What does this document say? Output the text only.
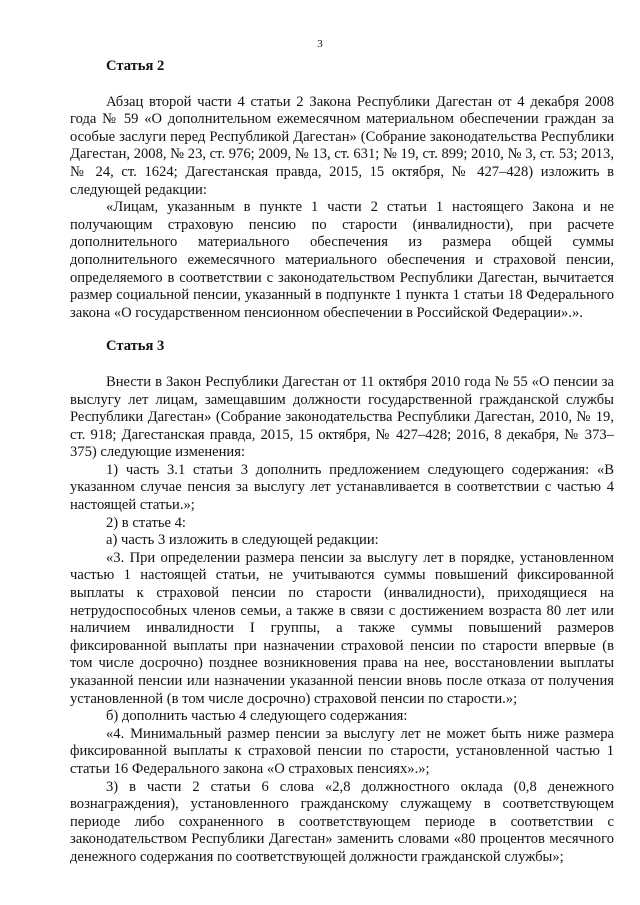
3
Статья 2

Абзац второй части 4 статьи 2 Закона Республики Дагестан от 4 декабря 2008 года № 59 «О дополнительном ежемесячном материальном обеспечении граждан за особые заслуги перед Республикой Дагестан» (Собрание законодательства Республики Дагестан, 2008, № 23, ст. 976; 2009, № 13, ст. 631; № 19, ст. 899; 2010, № 3, ст. 53; 2013, № 24, ст. 1624; Дагестанская правда, 2015, 15 октября, № 427–428) изложить в следующей редакции:

«Лицам, указанным в пункте 1 части 2 статьи 1 настоящего Закона и не получающим страховую пенсию по старости (инвалидности), при расчете дополнительного материального обеспечения из размера общей суммы дополнительного ежемесячного материального обеспечения и страховой пенсии, определяемого в соответствии с законодательством Республики Дагестан, вычитается размер социальной пенсии, указанный в подпункте 1 пункта 1 статьи 18 Федерального закона «О государственном пенсионном обеспечении в Российской Федерации».».

Статья 3

Внести в Закон Республики Дагестан от 11 октября 2010 года № 55 «О пенсии за выслугу лет лицам, замещавшим должности государственной гражданской службы Республики Дагестан» (Собрание законодательства Республики Дагестан, 2010, № 19, ст. 918; Дагестанская правда, 2015, 15 октября, № 427–428; 2016, 8 декабря, № 373–375) следующие изменения:

1) часть 3.1 статьи 3 дополнить предложением следующего содержания: «В указанном случае пенсия за выслугу лет устанавливается в соответствии с частью 4 настоящей статьи.»;

2) в статье 4:

а) часть 3 изложить в следующей редакции:

«3. При определении размера пенсии за выслугу лет в порядке, установленном частью 1 настоящей статьи, не учитываются суммы повышений фиксированной выплаты к страховой пенсии по старости (инвалидности), приходящиеся на нетрудоспособных членов семьи, а также в связи с достижением возраста 80 лет или наличием инвалидности I группы, а также суммы повышений размеров фиксированной выплаты при назначении страховой пенсии по старости впервые (в том числе досрочно) позднее возникновения права на нее, восстановлении выплаты указанной пенсии или назначении указанной пенсии вновь после отказа от получения установленной (в том числе досрочно) страховой пенсии по старости.»;

б) дополнить частью 4 следующего содержания:

«4. Минимальный размер пенсии за выслугу лет не может быть ниже размера фиксированной выплаты к страховой пенсии по старости, установленной частью 1 статьи 16 Федерального закона «О страховых пенсиях».»;

3) в части 2 статьи 6 слова «2,8 должностного оклада (0,8 денежного вознаграждения), установленного гражданскому служащему в соответствующем периоде либо сохраненного в соответствующем периоде в соответствии с законодательством Республики Дагестан» заменить словами «80 процентов месячного денежного содержания по соответствующей должности гражданской службы»;
